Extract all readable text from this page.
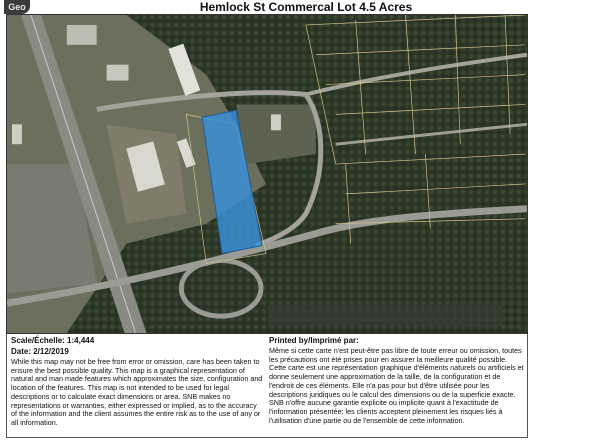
Geo	Hemlock St Commercal Lot 4.5 Acres
Scale/Échelle: 1:4,444
Date: 2/12/2019
While this map may not be free from error or omission, care has been taken to ensure the best possible quality. This map is a graphical representation of natural and man made features which approximates the size, configuration and location of the features. This map is not intended to be used for legal descriptions or to calculate exact dimensions or area. SNB makes no representations or warranties, either expressed or implied, as to the accuracy of the information and the client assumes the entire risk as to the use of any or all information.
Printed by/Imprimé par:
Même si cette carte n'est peut-être pas libre de toute erreur ou omission, toutes les précautions ont été prises pour en assurer la meilleure qualité possible. Cette carte est une représentation graphique d'éléments naturels ou artificiels et donne seulement une approximation de la taille, de la configuration et de l'endroit de ces éléments. Elle n'a pas pour but d'être utilisée pour les descriptions juridiques ou le calcul des dimensions ou de la superficie exacte. SNB n'offre aucune garantie explicite ou implicite quant à l'exactitude de l'information présentée; les clients acceptent pleinement les risques liés à l'utilisation d'une partie ou de l'ensemble de cette information.
